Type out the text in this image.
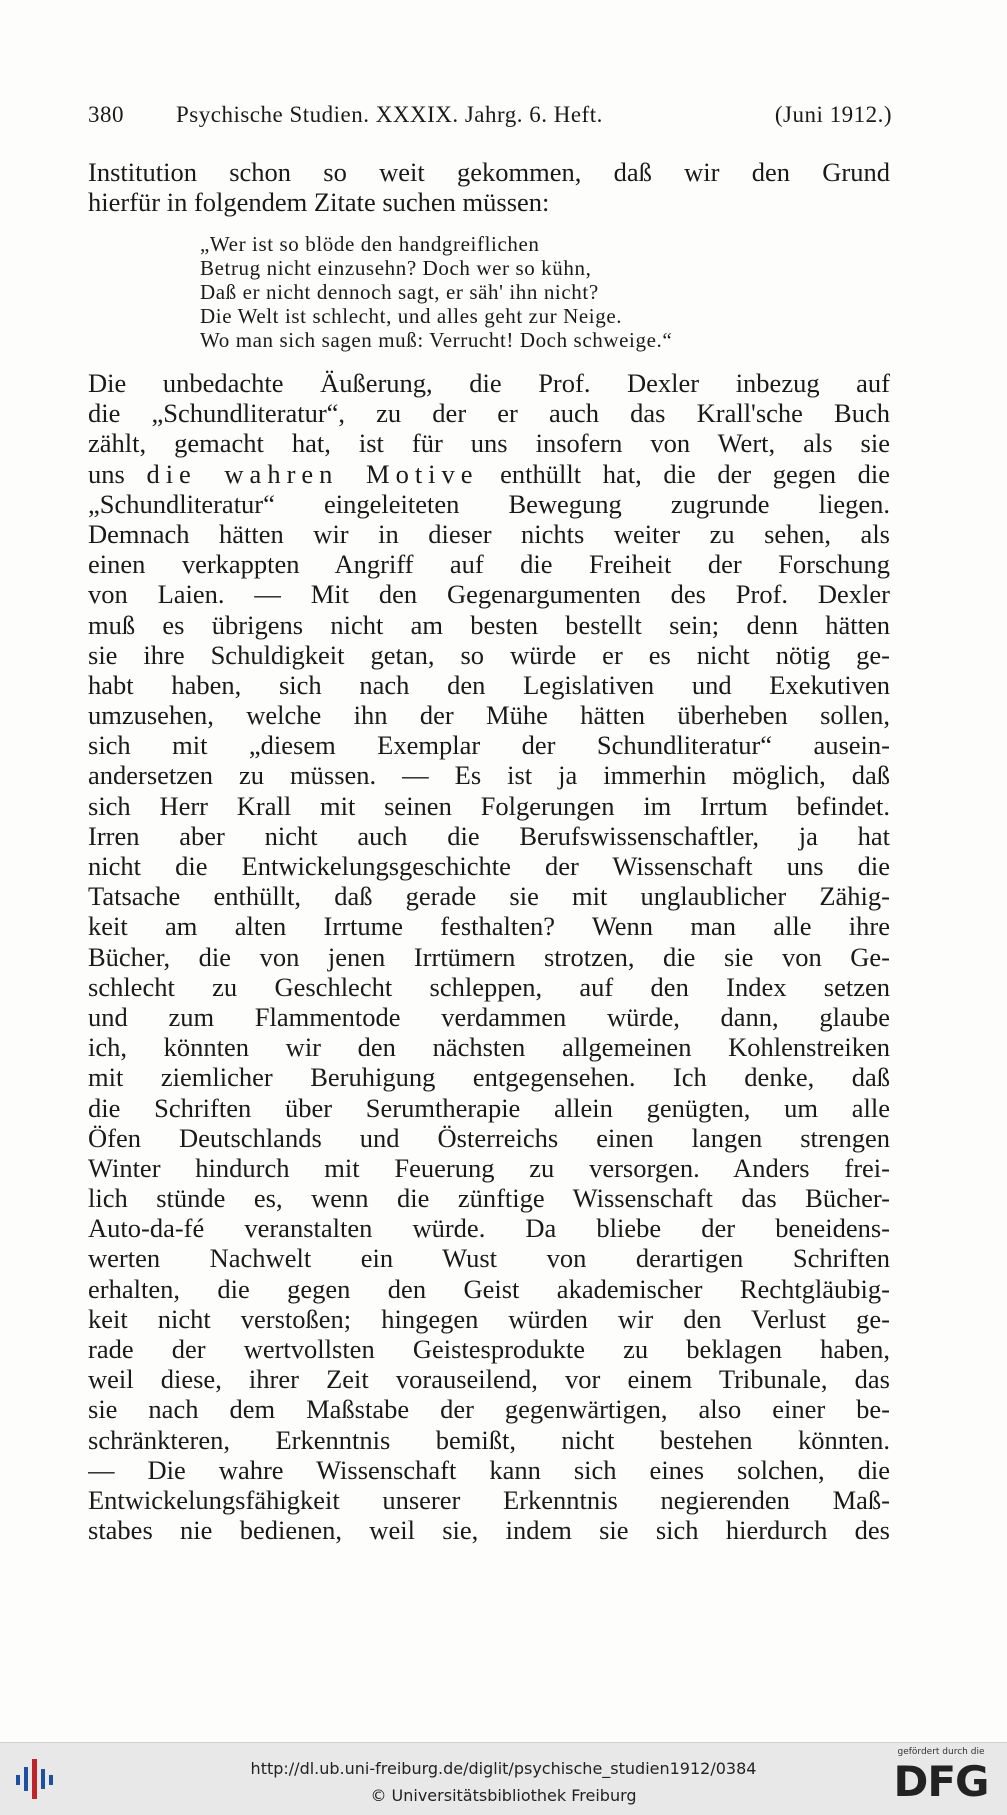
380 Psychische Studien. XXXIX. Jahrg. 6. Heft.	(Juni 1912.)
Institution schon so weit gekommen, daß wir den Grund
hierfür in folgendem Zitate suchen müssen:
„Wer ist so blöde den handgreiflichen
Betrug nicht einzusehn? Doch wer so kühn,
Daß er nicht dennoch sagt, er säh' ihn nicht?
Die Welt ist schlecht, und alles geht zur Neige.
Wo man sich sagen muß: Verrucht! Doch schweige.“
Die unbedachte Äußerung, die Prof. Dexler inbezug auf
die „Schundliteratur“, zu der er auch das Krall'sche Buch
zählt, gemacht hat, ist für uns insofern von Wert, als sie
uns die wahren Motive enthüllt hat, die der gegen die
„Schundliteratur“ eingeleiteten Bewegung zugrunde liegen.
Demnach hätten wir in dieser nichts weiter zu sehen, als
einen verkappten Angriff auf die Freiheit der Forschung
von Laien. — Mit den Gegenargumenten des Prof. Dexler
muß es übrigens nicht am besten bestellt sein; denn hätten
sie ihre Schuldigkeit getan, so würde er es nicht nötig ge-
habt haben, sich nach den Legislativen und Exekutiven
umzusehen, welche ihn der Mühe hätten überheben sollen,
sich mit „diesem Exemplar der Schundliteratur“ ausein-
andersetzen zu müssen. — Es ist ja immerhin möglich, daß
sich Herr Krall mit seinen Folgerungen im Irrtum befindet.
Irren aber nicht auch die Berufswissenschaftler, ja hat
nicht die Entwickelungsgeschichte der Wissenschaft uns die
Tatsache enthüllt, daß gerade sie mit unglaublicher Zähig-
keit am alten Irrtume festhalten? Wenn man alle ihre
Bücher, die von jenen Irrtümern strotzen, die sie von Ge-
schlecht zu Geschlecht schleppen, auf den Index setzen
und zum Flammentode verdammen würde, dann, glaube
ich, könnten wir den nächsten allgemeinen Kohlenstreiken
mit ziemlicher Beruhigung entgegensehen. Ich denke, daß
die Schriften über Serumtherapie allein genügten, um alle
Öfen Deutschlands und Österreichs einen langen strengen
Winter hindurch mit Feuerung zu versorgen. Anders frei-
lich stünde es, wenn die zünftige Wissenschaft das Bücher-
Auto-da-fé veranstalten würde. Da bliebe der beneidens-
werten Nachwelt ein Wust von derartigen Schriften
erhalten, die gegen den Geist akademischer Rechtgläubig-
keit nicht verstoßen; hingegen würden wir den Verlust ge-
rade der wertvollsten Geistesprodukte zu beklagen haben,
weil diese, ihrer Zeit vorauseilend, vor einem Tribunale, das
sie nach dem Maßstabe der gegenwärtigen, also einer be-
schränkteren, Erkenntnis bemißt, nicht bestehen könnten.
— Die wahre Wissenschaft kann sich eines solchen, die
Entwickelungsfähigkeit unserer Erkenntnis negierenden Maß-
stabes nie bedienen, weil sie, indem sie sich hierdurch des
http://dl.ub.uni-freiburg.de/diglit/psychische_studien1912/0384
© Universitätsbibliothek Freiburg
gefördert durch die
DFG
